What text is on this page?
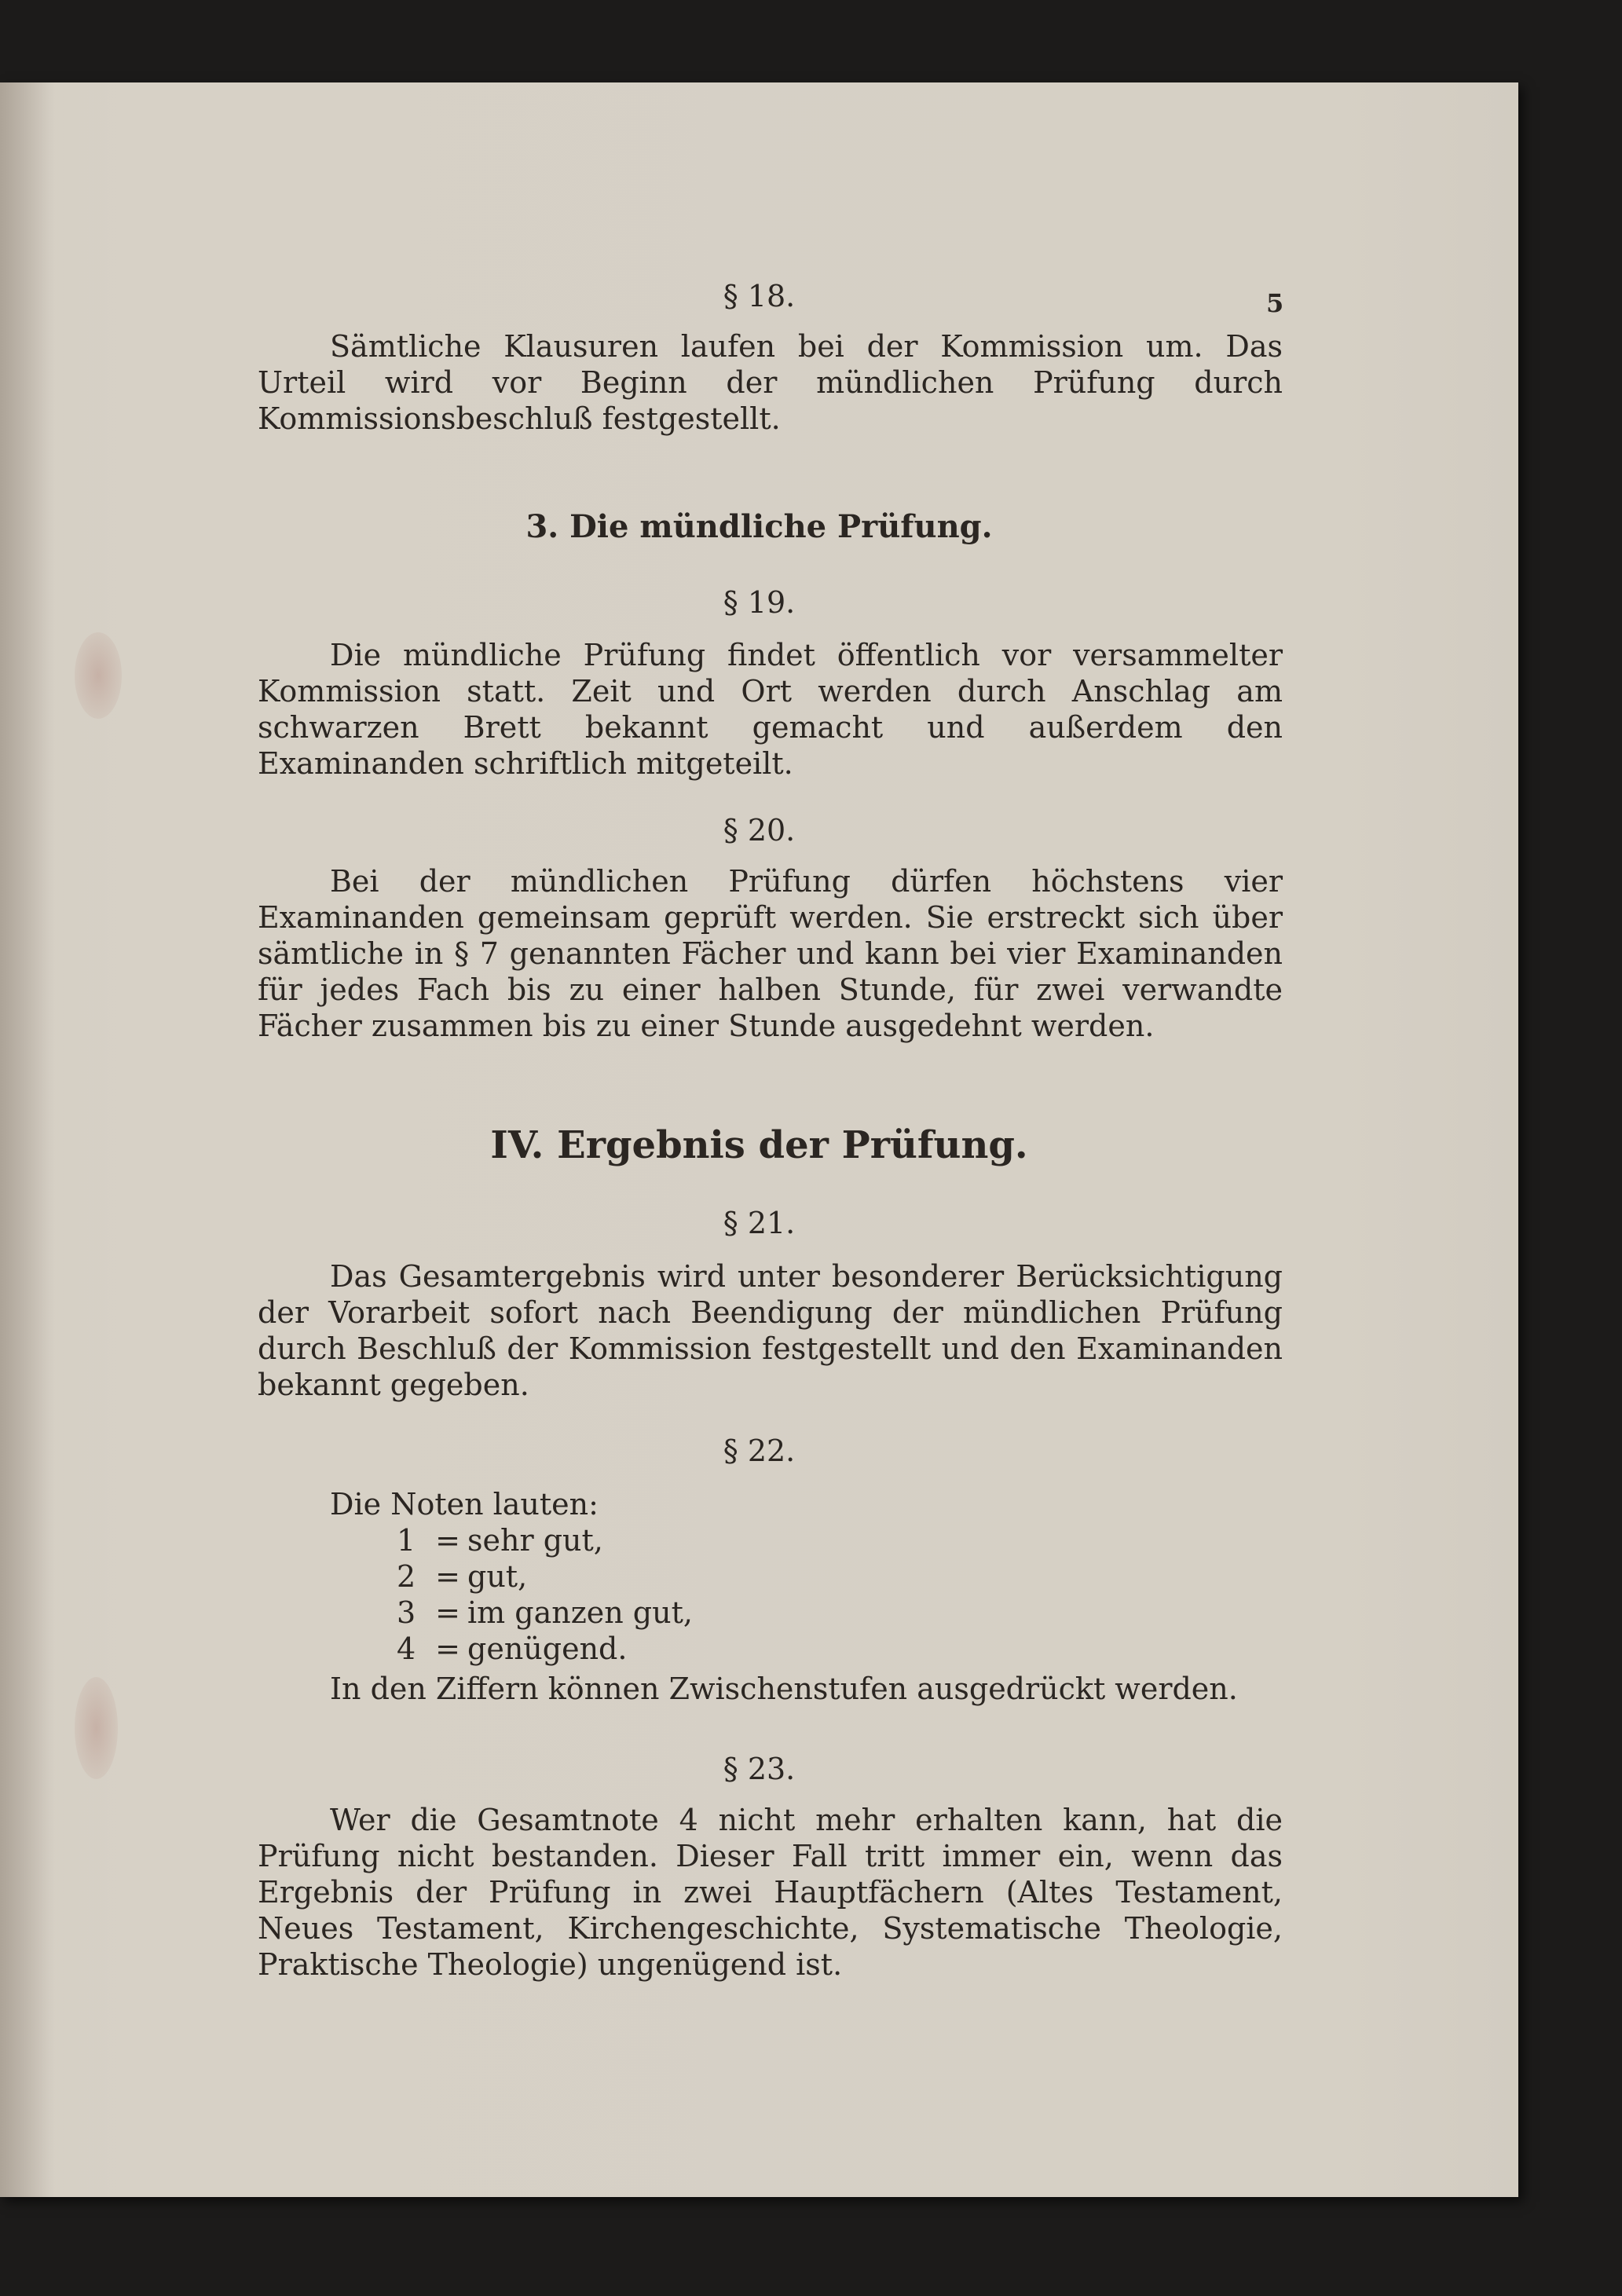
5
§ 18.
Sämtliche Klausuren laufen bei der Kommission um. Das Urteil wird vor Beginn der mündlichen Prüfung durch Kommissionsbeschluß festgestellt.
3. Die mündliche Prüfung.
§ 19.
Die mündliche Prüfung findet öffentlich vor versammelter Kommission statt. Zeit und Ort werden durch Anschlag am schwarzen Brett bekannt gemacht und außerdem den Examinanden schriftlich mitgeteilt.
§ 20.
Bei der mündlichen Prüfung dürfen höchstens vier Examinanden gemeinsam geprüft werden. Sie erstreckt sich über sämtliche in § 7 genannten Fächer und kann bei vier Examinanden für jedes Fach bis zu einer halben Stunde, für zwei verwandte Fächer zusammen bis zu einer Stunde ausgedehnt werden.
IV. Ergebnis der Prüfung.
§ 21.
Das Gesamtergebnis wird unter besonderer Berücksichtigung der Vorarbeit sofort nach Beendigung der mündlichen Prüfung durch Beschluß der Kommission festgestellt und den Examinanden bekannt gegeben.
§ 22.
Die Noten lauten:
1 = sehr gut,
2 = gut,
3 = im ganzen gut,
4 = genügend.
In den Ziffern können Zwischenstufen ausgedrückt werden.
§ 23.
Wer die Gesamtnote 4 nicht mehr erhalten kann, hat die Prüfung nicht bestanden. Dieser Fall tritt immer ein, wenn das Ergebnis der Prüfung in zwei Hauptfächern (Altes Testament, Neues Testament, Kirchengeschichte, Systematische Theologie, Praktische Theologie) ungenügend ist.
